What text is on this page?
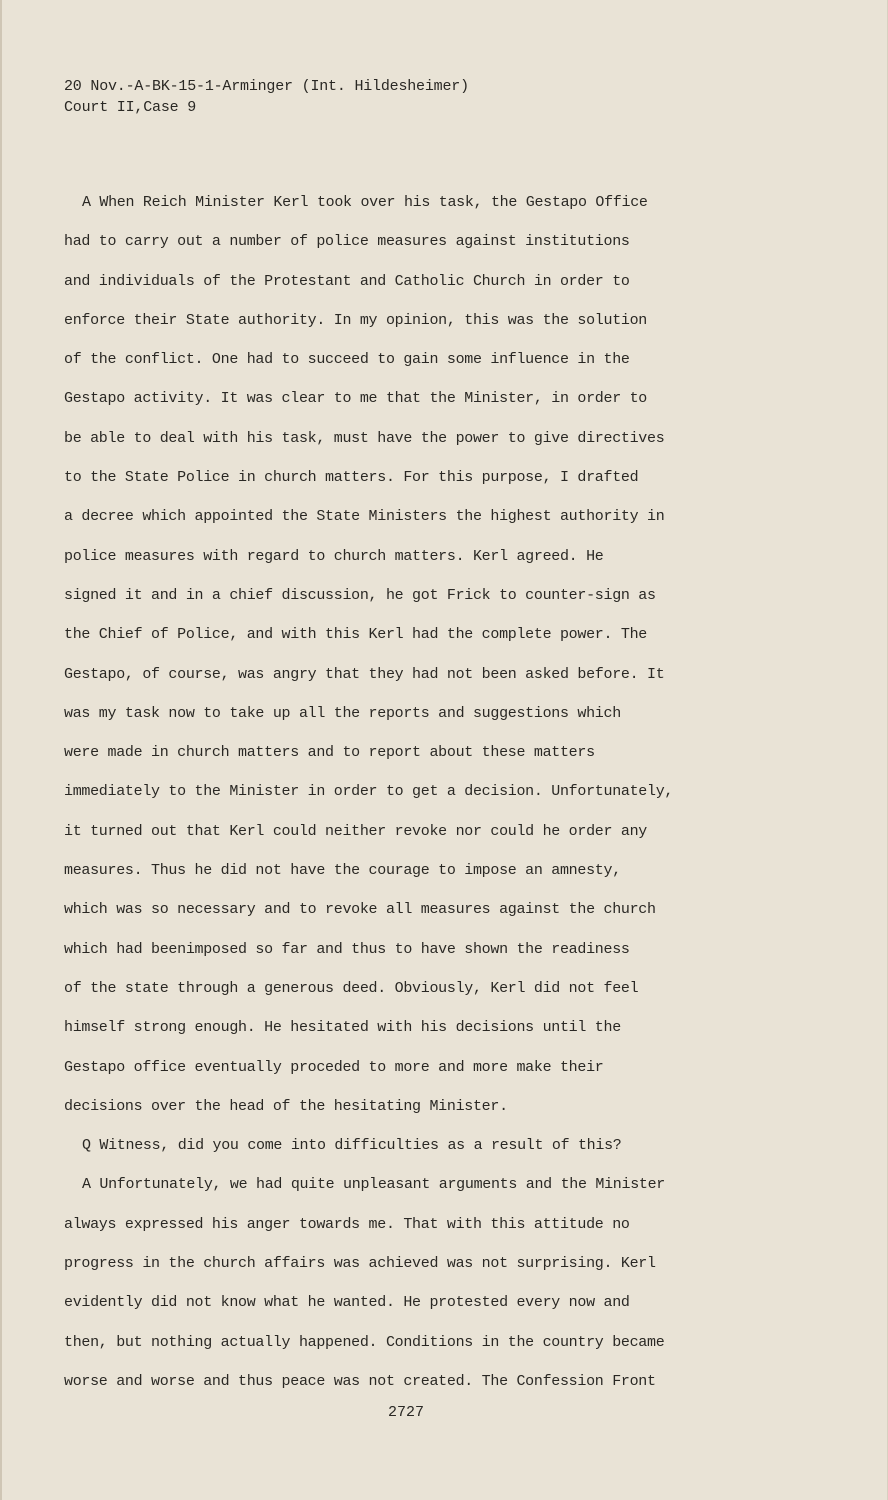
20 Nov.-A-BK-15-1-Arminger (Int. Hildesheimer)
Court II,Case 9
A When Reich Minister Kerl took over his task, the Gestapo Office
had to carry out a number of police measures against institutions
and individuals of the Protestant and Catholic Church in order to
enforce their State authority. In my opinion, this was the solution
of the conflict. One had to succeed to gain some influence in the
Gestapo activity. It was clear to me that the Minister, in order to
be able to deal with his task, must have the power to give directives
to the State Police in church matters. For this purpose, I drafted
a decree which appointed the State Ministers the highest authority in
police measures with regard to church matters. Kerl agreed. He
signed it and in a chief discussion, he got Frick to counter-sign as
the Chief of Police, and with this Kerl had the complete power. The
Gestapo, of course, was angry that they had not been asked before. It
was my task now to take up all the reports and suggestions which
were made in church matters and to report about these matters
immediately to the Minister in order to get a decision. Unfortunately,
it turned out that Kerl could neither revoke nor could he order any
measures. Thus he did not have the courage to impose an amnesty,
which was so necessary and to revoke all measures against the church
which had beenimposed so far and thus to have shown the readiness
of the state through a generous deed. Obviously, Kerl did not feel
himself strong enough. He hesitated with his decisions until the
Gestapo office eventually proceded to more and more make their
decisions over the head of the hesitating Minister.
Q Witness, did you come into difficulties as a result of this?
A Unfortunately, we had quite unpleasant arguments and the Minister
always expressed his anger towards me. That with this attitude no
progress in the church affairs was achieved was not surprising. Kerl
evidently did not know what he wanted. He protested every now and
then, but nothing actually happened. Conditions in the country became
worse and worse and thus peace was not created. The Confession Front
2727
